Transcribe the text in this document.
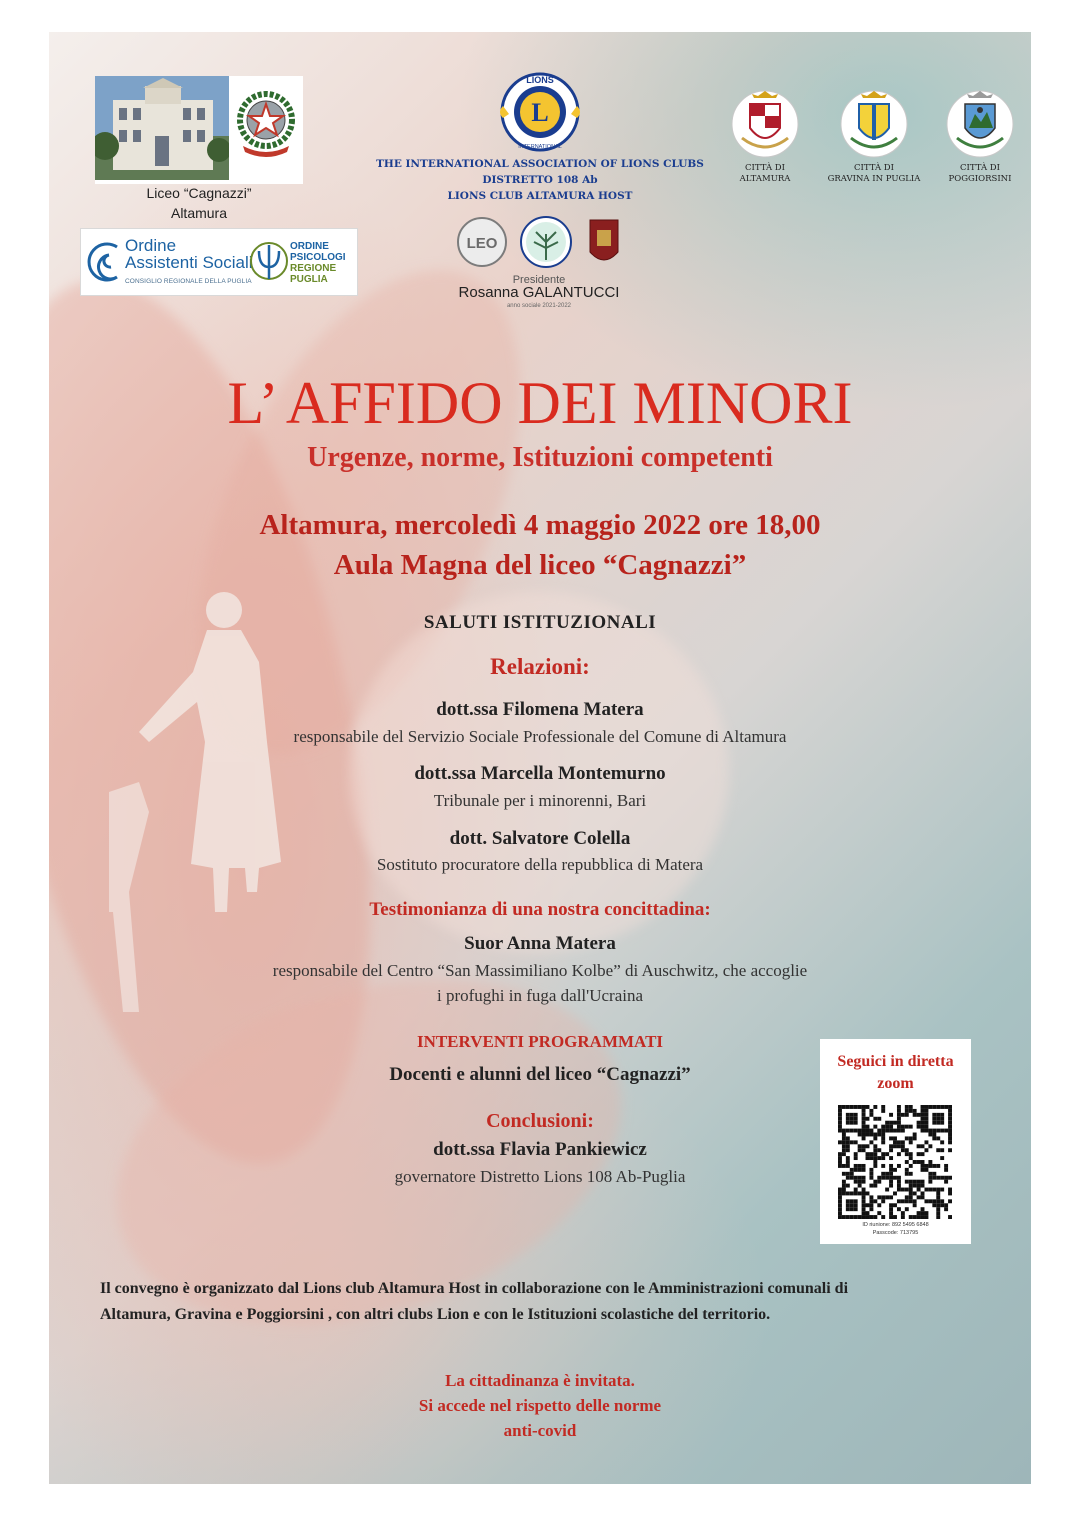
Liceo “Cagnazzi”
Altamura
Ordine
Assistenti Sociali
CONSIGLIO REGIONALE DELLA PUGLIA
ORDINE
PSICOLOGI
REGIONE
PUGLIA
L
LIONS
INTERNATIONAL
THE INTERNATIONAL ASSOCIATION OF LIONS CLUBS
DISTRETTO 108 Ab
LIONS CLUB ALTAMURA HOST
LEO
Presidente
Rosanna GALANTUCCI
anno sociale 2021-2022
CITTÀ DI
ALTAMURA
CITTÀ DI
GRAVINA IN PUGLIA
CITTÀ DI
POGGIORSINI
L’ AFFIDO DEI MINORI
Urgenze, norme, Istituzioni competenti
Altamura, mercoledì 4 maggio 2022 ore 18,00
Aula Magna del liceo “Cagnazzi”
SALUTI ISTITUZIONALI
Relazioni:
dott.ssa Filomena Matera
responsabile del Servizio Sociale Professionale del Comune di Altamura
dott.ssa Marcella Montemurno
Tribunale per i minorenni, Bari
dott. Salvatore Colella
Sostituto procuratore della repubblica di Matera
Testimonianza di una nostra concittadina:
Suor Anna Matera
responsabile del Centro “San Massimiliano Kolbe” di Auschwitz, che accoglie
i profughi in fuga dall'Ucraina
INTERVENTI PROGRAMMATI
Docenti e alunni del liceo “Cagnazzi”
Conclusioni:
dott.ssa Flavia Pankiewicz
governatore Distretto Lions 108 Ab-Puglia
Seguici in diretta
zoom
ID riunione: 892 5495 6848
Passcode: 713795
Il convegno è organizzato dal Lions club Altamura Host in collaborazione con le Amministrazioni comunali di
Altamura, Gravina e Poggiorsini , con altri clubs Lion e con le Istituzioni scolastiche del territorio.
La cittadinanza è invitata.
Si accede nel rispetto delle norme
anti-covid
